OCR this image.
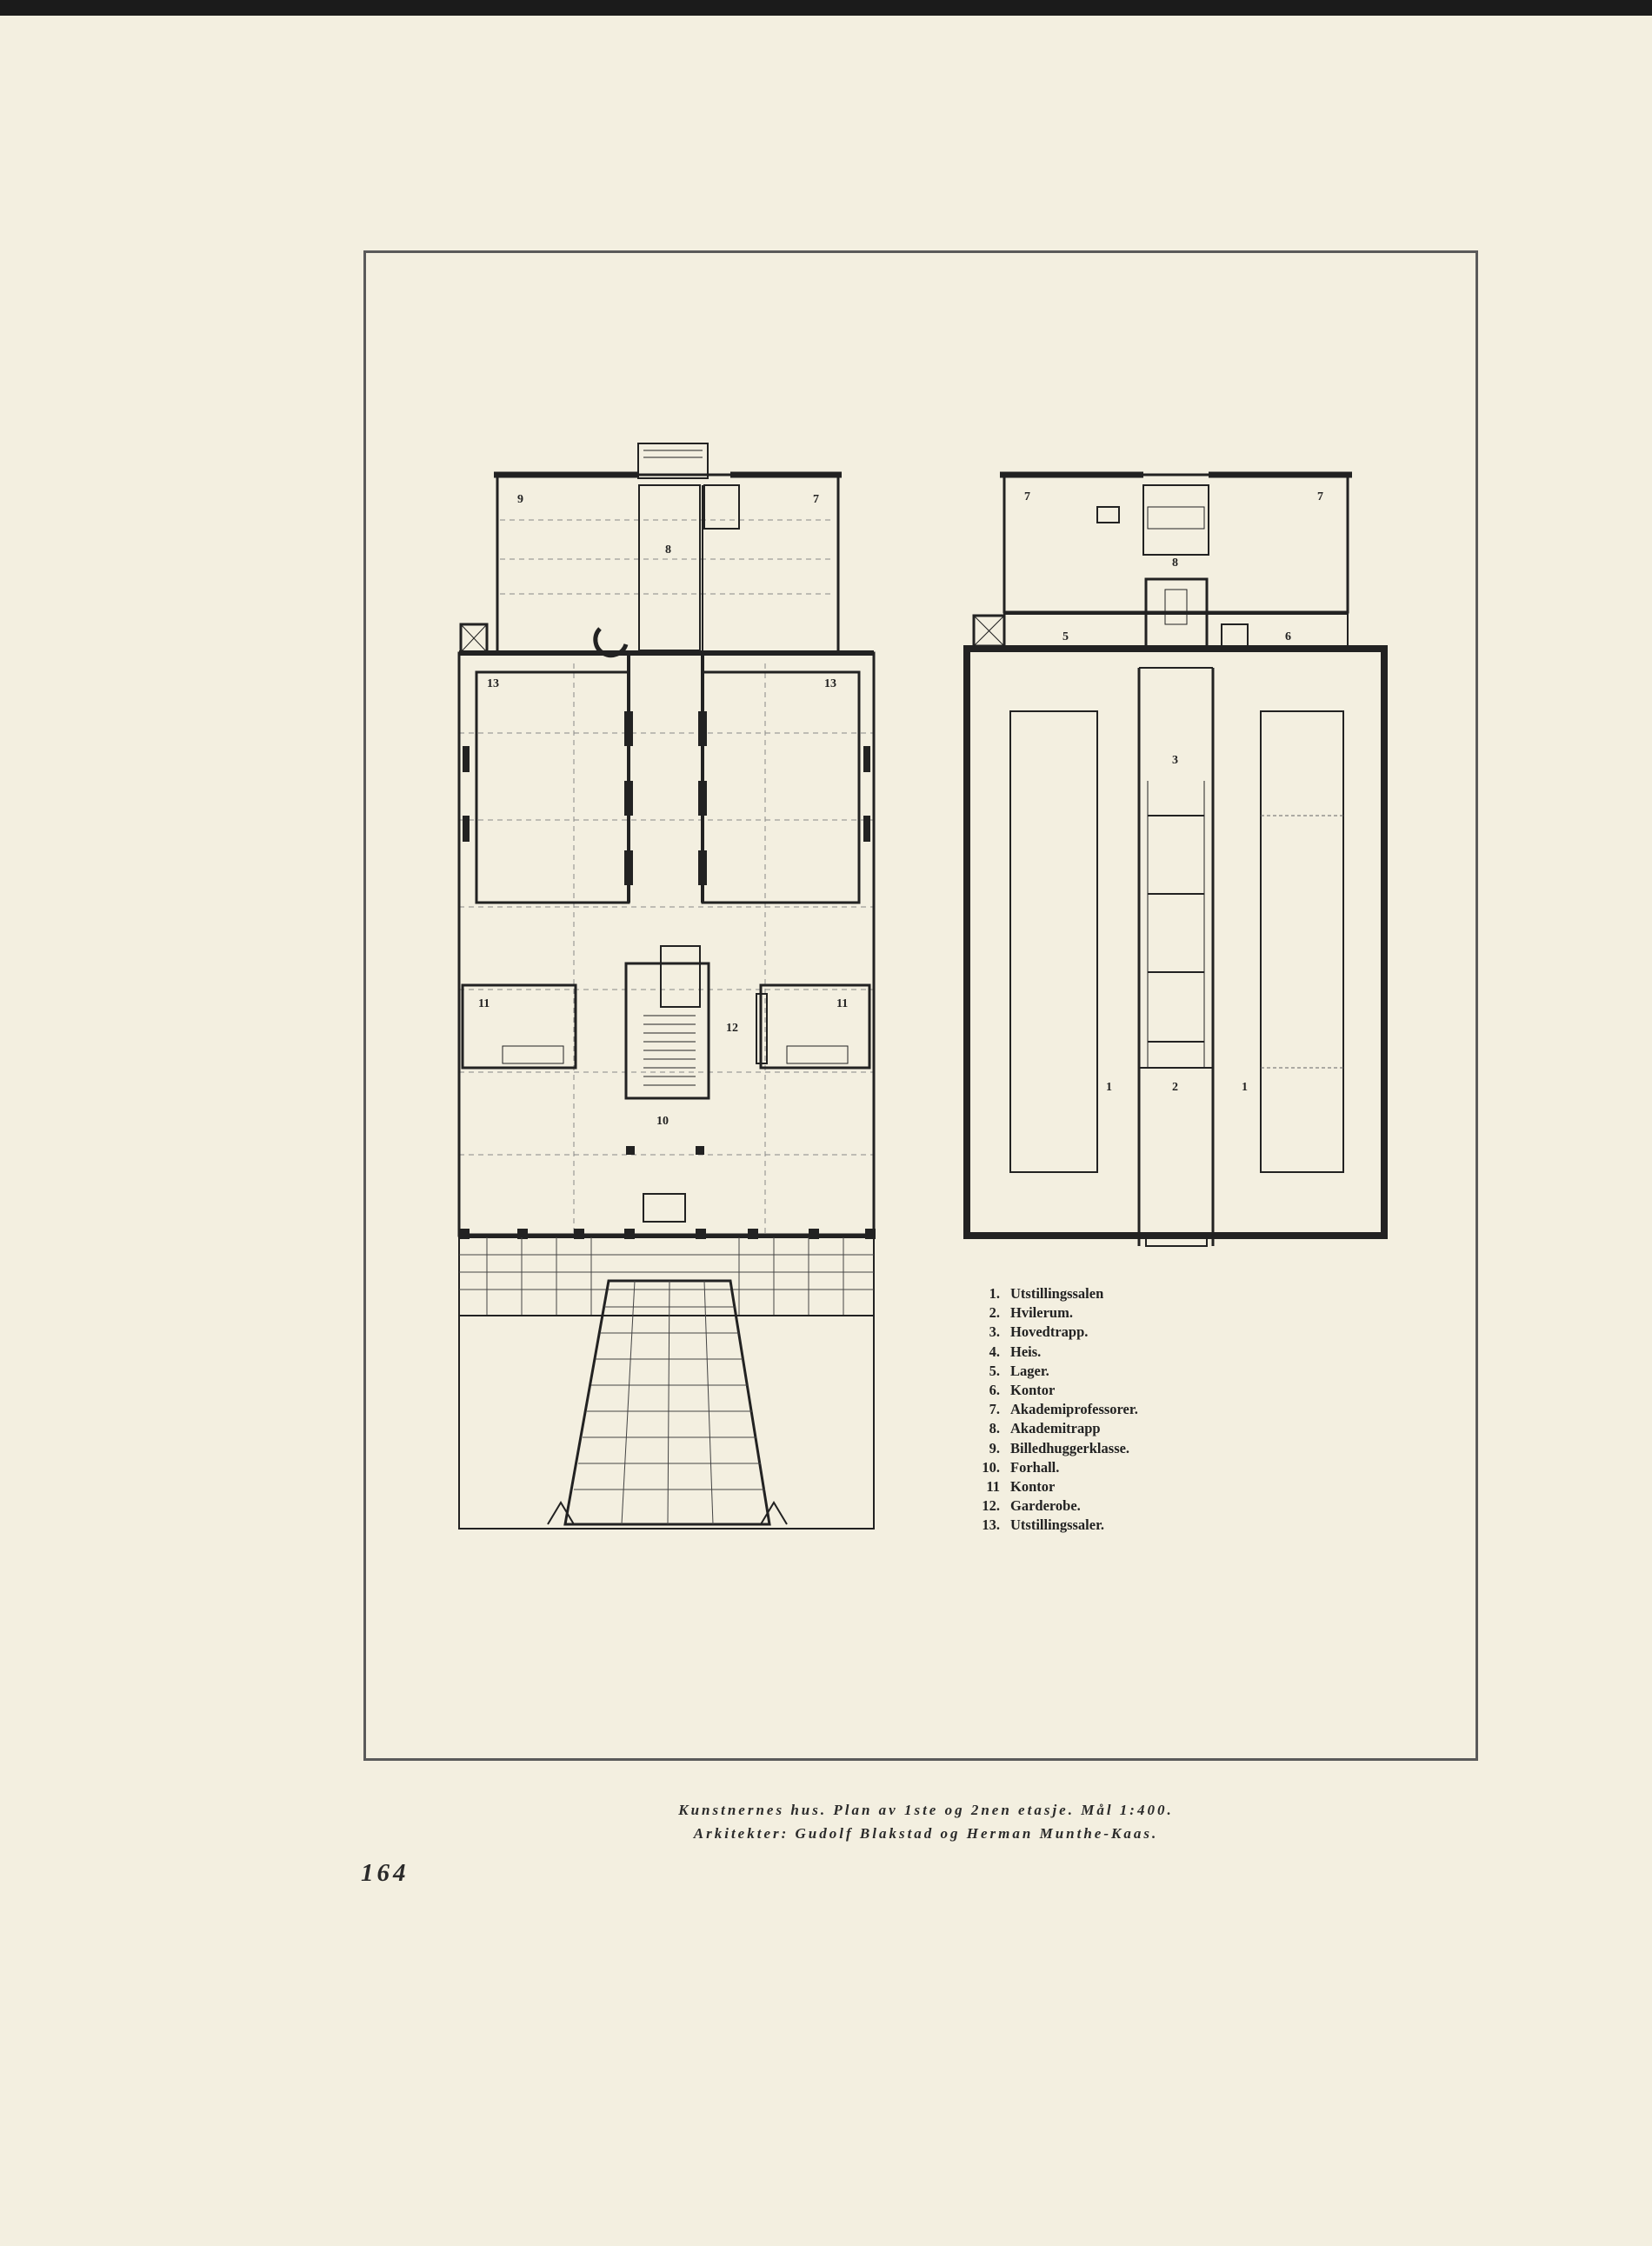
9	7
8
13	13
11	11
12
10
7	7
8
5	6
3
1	2	1
1. Utstillingssalen
2. Hvilerum.
3. Hovedtrapp.
4. Heis.
5. Lager.
6. Kontor
7. Akademiprofessorer.
8. Akademitrapp
9. Billedhuggerklasse.
10. Forhall.
11 Kontor
12. Garderobe.
13. Utstillingssaler.
Kunstnernes hus. Plan av 1ste og 2nen etasje. Mål 1:400.
Arkitekter: Gudolf Blakstad og Herman Munthe-Kaas.
164
